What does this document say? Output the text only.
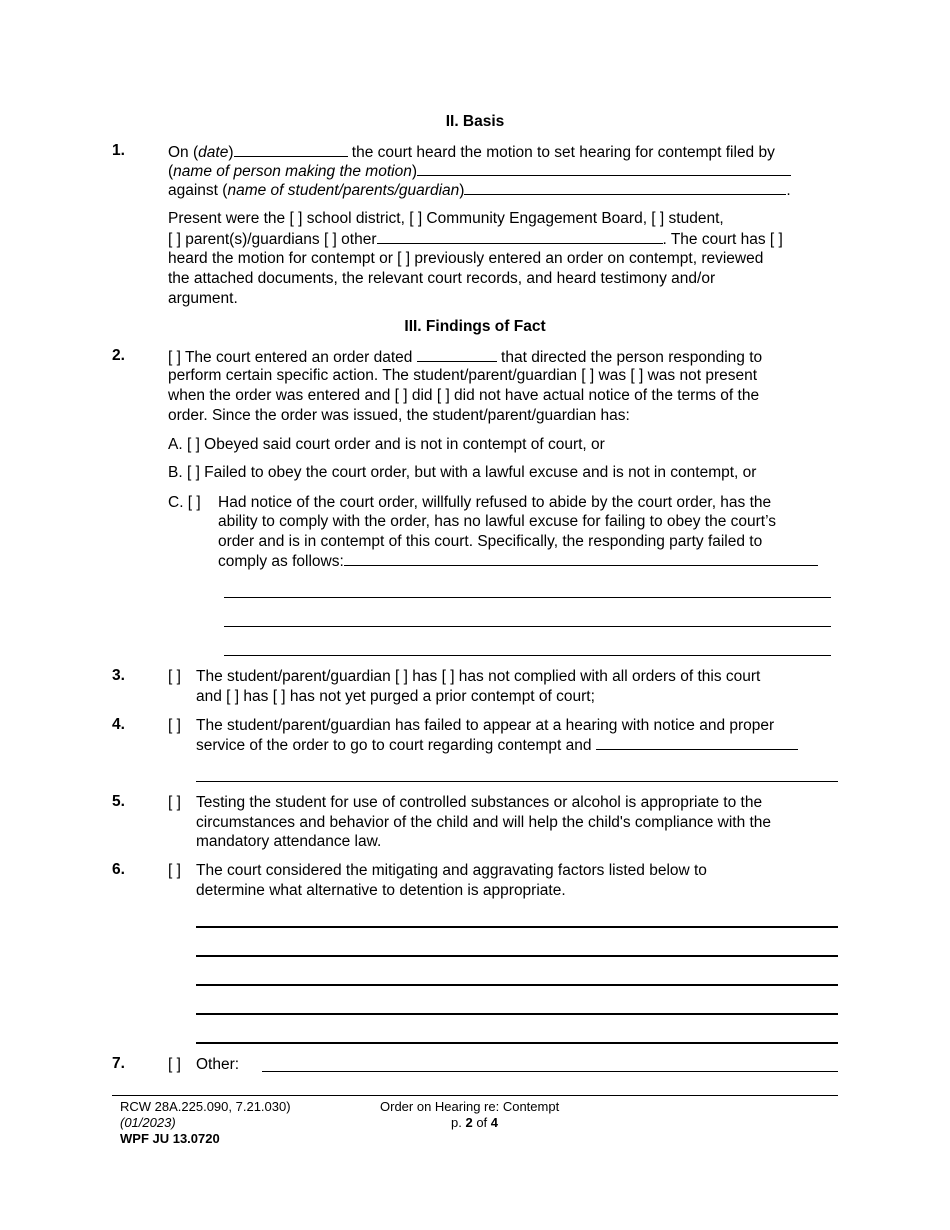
II. Basis
1.	On (date)	the court heard the motion to set hearing for contempt filed by
(name of person making the motion)
against (name of student/parents/guardian)	.
Present were the [ ] school district, [ ] Community Engagement Board, [ ] student,
[ ] parent(s)/guardians [ ] other	. The court has [ ]
heard the motion for contempt or [ ] previously entered an order on contempt, reviewed
the attached documents, the relevant court records, and heard testimony and/or
argument.
III. Findings of Fact
2.	[ ] The court entered an order dated	that directed the person responding to
perform certain specific action. The student/parent/guardian [ ] was [ ] was not present
when the order was entered and [ ] did [ ] did not have actual notice of the terms of the
order. Since the order was issued, the student/parent/guardian has:
A. [ ] Obeyed said court order and is not in contempt of court, or
B. [ ] Failed to obey the court order, but with a lawful excuse and is not in contempt, or
C. [ ] Had notice of the court order, willfully refused to abide by the court order, has the
ability to comply with the order, has no lawful excuse for failing to obey the court’s
order and is in contempt of this court. Specifically, the responding party failed to
comply as follows:
3.	[ ] The student/parent/guardian [ ] has [ ] has not complied with all orders of this court
and [ ] has [ ] has not yet purged a prior contempt of court;
4.	[ ] The student/parent/guardian has failed to appear at a hearing with notice and proper
service of the order to go to court regarding contempt and
5.	[ ] Testing the student for use of controlled substances or alcohol is appropriate to the
circumstances and behavior of the child and will help the child's compliance with the
mandatory attendance law.
6.	[ ] The court considered the mitigating and aggravating factors listed below to
determine what alternative to detention is appropriate.
7.	[ ] Other:
RCW 28A.225.090, 7.21.030)
(01/2023)
WPF JU 13.0720
Order on Hearing re: Contempt
p. 2 of 4
